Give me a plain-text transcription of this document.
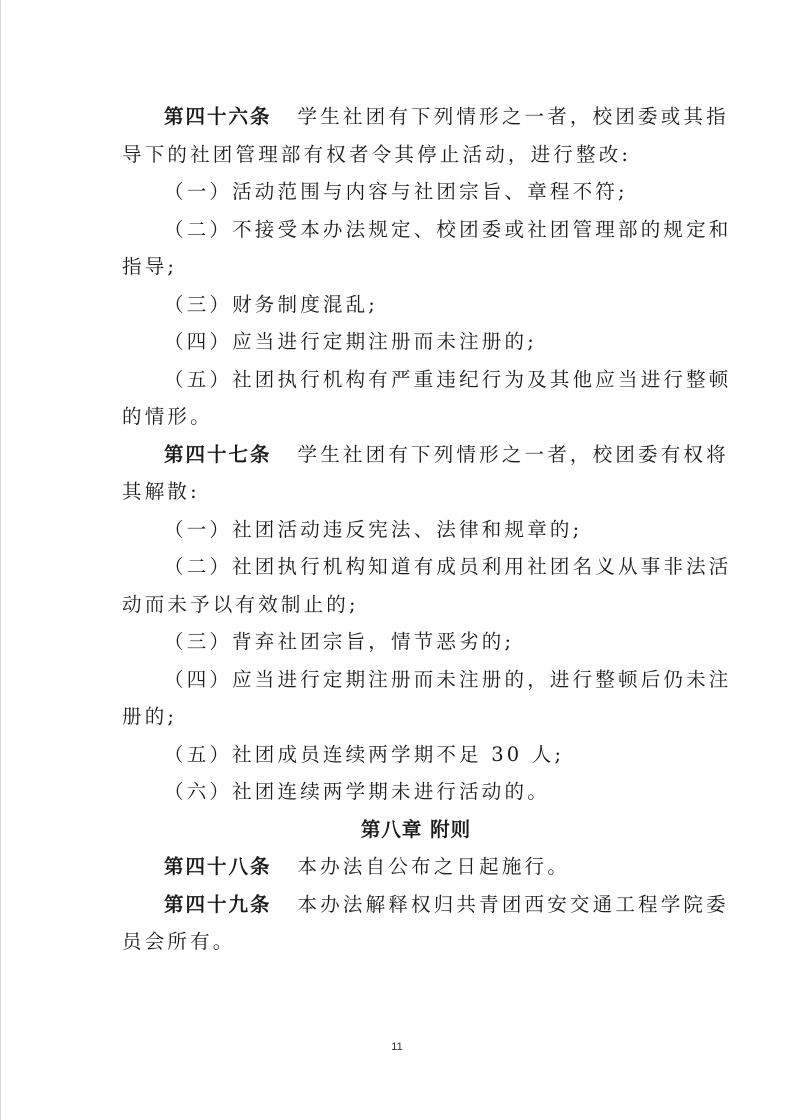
第四十六条 学生社团有下列情形之一者，校团委或其指
导下的社团管理部有权者令其停止活动，进行整改:
（一）活动范围与内容与社团宗旨、章程不符;
（二）不接受本办法规定、校团委或社团管理部的规定和
指导;
（三）财务制度混乱;
（四）应当进行定期注册而未注册的;
（五）社团执行机构有严重违纪行为及其他应当进行整顿
的情形。
第四十七条 学生社团有下列情形之一者，校团委有权将
其解散:
（一）社团活动违反宪法、法律和规章的;
（二）社团执行机构知道有成员利用社团名义从事非法活
动而未予以有效制止的;
（三）背弃社团宗旨，情节恶劣的;
（四）应当进行定期注册而未注册的，进行整顿后仍未注
册的;
（五）社团成员连续两学期不足 30 人;
（六）社团连续两学期未进行活动的。
第八章 附则
第四十八条 本办法自公布之日起施行。
第四十九条 本办法解释权归共青团西安交通工程学院委
员会所有。
11
